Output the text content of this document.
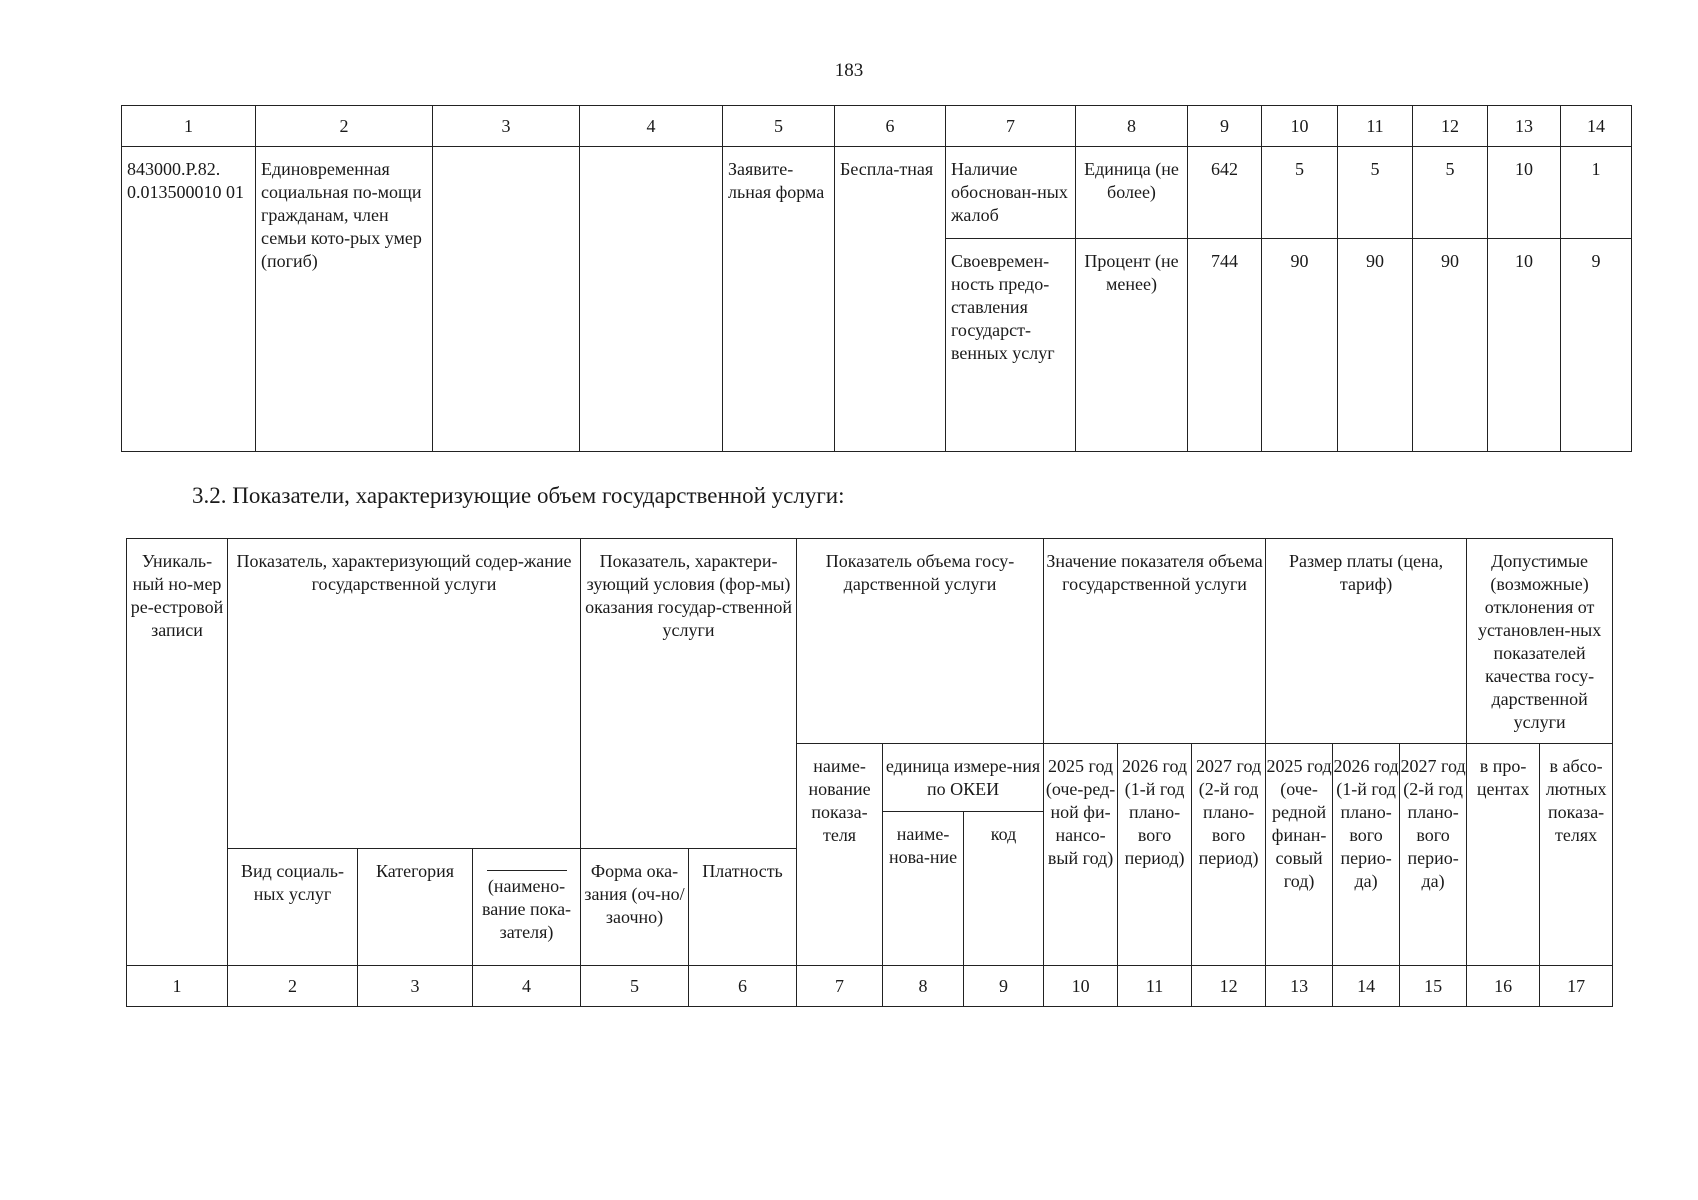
183
1	2	3	4	5	6	7	8	9	10	11	12	13	14
843000.Р.82. 0.013500010 01	Единовременная социальная по-мощи гражданам, член семьи кото-рых умер (погиб)			Заявите-льная форма	Беспла-тная	Наличие обоснован-ных жалоб	Единица (не более)	642	5	5	5	10	1
						Своевремен-ность предо-ставления государст-венных услуг	Процент (не менее)	744	90	90	90	10	9
3.2. Показатели, характеризующие объем государственной услуги:
Уникаль-ный но-мер ре-естровой записи	Показатель, характеризующий содер-жание государственной услуги			Показатель, характери-зующий условия (фор-мы) оказания государ-ственной услуги		Показатель объема госу-дарственной услуги			Значение показателя объема государственной услуги			Размер платы (цена, тариф)			Допустимые (возможные) отклонения от установлен-ных показателей качества госу-дарственной услуги	
						наиме-нование показа-теля	единица измере-ния по ОКЕИ		2025 год (оче-ред-ной фи-нансо-вый год)	2026 год (1-й год плано-вого период)	2027 год (2-й год плано-вого период)	2025 год (оче-редной финан-совый год)	2026 год (1-й год плано-вого перио-да)	2027 год (2-й год плано-вого перио-да)	в про-центах	в абсо-лютных показа-телях
							наиме-нова-ние	код								
	Вид социаль-ных услуг	Категория	(наимено-вание пока-зателя)	Форма ока-зания (оч-но/заочно)	Платность											
1	2	3	4	5	6	7	8	9	10	11	12	13	14	15	16	17
